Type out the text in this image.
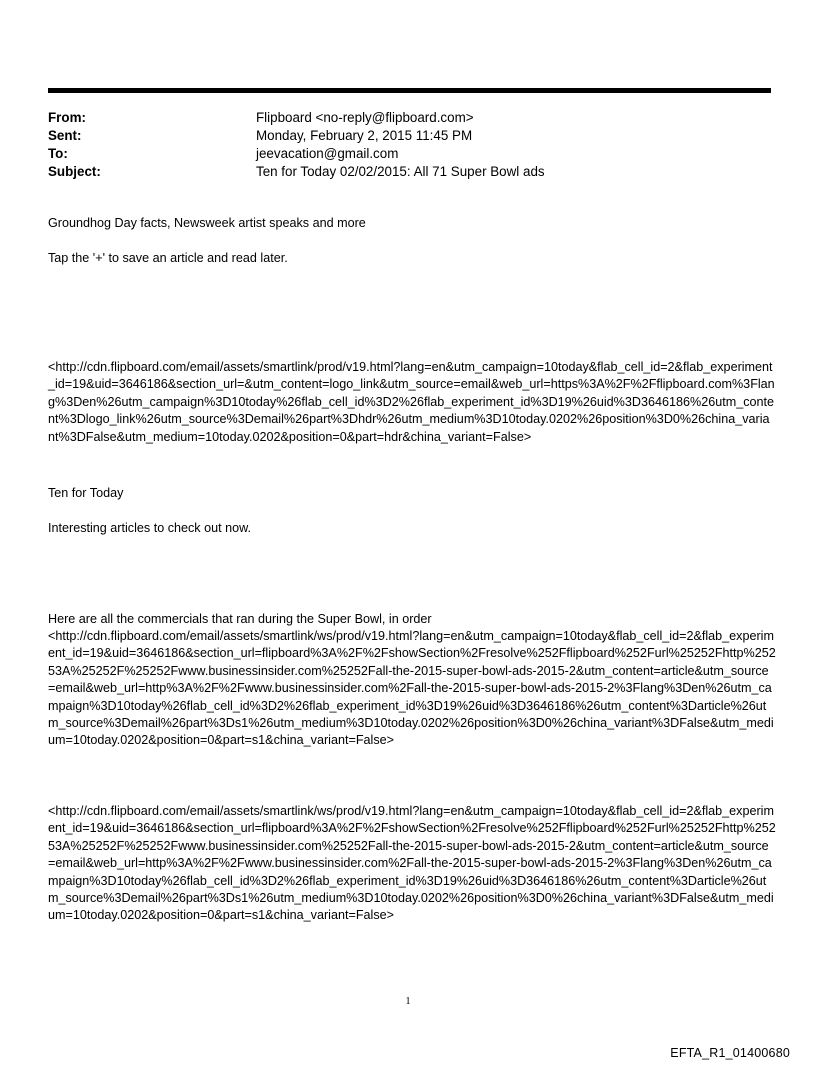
From:	Flipboard <no-reply@flipboard.com>
Sent:	Monday, February 2, 2015 11:45 PM
To:	jeevacation@gmail.com
Subject:	Ten for Today 02/02/2015: All 71 Super Bowl ads

Groundhog Day facts, Newsweek artist speaks and more

Tap the '+' to save an article and read later.

<http://cdn.flipboard.com/email/assets/smartlink/prod/v19.html?lang=en&utm_campaign=10today&flab_cell_id=2&flab_experiment_id=19&uid=3646186&section_url=&utm_content=logo_link&utm_source=email&web_url=https%3A%2F%2Fflipboard.com%3Flang%3Den%26utm_campaign%3D10today%26flab_cell_id%3D2%26flab_experiment_id%3D19%26uid%3D3646186%26utm_content%3Dlogo_link%26utm_source%3Demail%26part%3Dhdr%26utm_medium%3D10today.0202%26position%3D0%26china_variant%3DFalse&utm_medium=10today.0202&position=0&part=hdr&china_variant=False>

Ten for Today

Interesting articles to check out now.

Here are all the commercials that ran during the Super Bowl, in order

<http://cdn.flipboard.com/email/assets/smartlink/ws/prod/v19.html?lang=en&utm_campaign=10today&flab_cell_id=2&flab_experiment_id=19&uid=3646186&section_url=flipboard%3A%2F%2FshowSection%2Fresolve%252Fflipboard%252Furl%25252Fhttp%25253A%25252F%25252Fwww.businessinsider.com%25252Fall-the-2015-super-bowl-ads-2015-2&utm_content=article&utm_source=email&web_url=http%3A%2F%2Fwww.businessinsider.com%2Fall-the-2015-super-bowl-ads-2015-2%3Flang%3Den%26utm_campaign%3D10today%26flab_cell_id%3D2%26flab_experiment_id%3D19%26uid%3D3646186%26utm_content%3Darticle%26utm_source%3Demail%26part%3Ds1%26utm_medium%3D10today.0202%26position%3D0%26china_variant%3DFalse&utm_medium=10today.0202&position=0&part=s1&china_variant=False>

<http://cdn.flipboard.com/email/assets/smartlink/ws/prod/v19.html?lang=en&utm_campaign=10today&flab_cell_id=2&flab_experiment_id=19&uid=3646186&section_url=flipboard%3A%2F%2FshowSection%2Fresolve%252Fflipboard%252Furl%25252Fhttp%25253A%25252F%25252Fwww.businessinsider.com%25252Fall-the-2015-super-bowl-ads-2015-2&utm_content=article&utm_source=email&web_url=http%3A%2F%2Fwww.businessinsider.com%2Fall-the-2015-super-bowl-ads-2015-2%3Flang%3Den%26utm_campaign%3D10today%26flab_cell_id%3D2%26flab_experiment_id%3D19%26uid%3D3646186%26utm_content%3Darticle%26utm_source%3Demail%26part%3Ds1%26utm_medium%3D10today.0202%26position%3D0%26china_variant%3DFalse&utm_medium=10today.0202&position=0&part=s1&china_variant=False>

1
EFTA_R1_01400680
